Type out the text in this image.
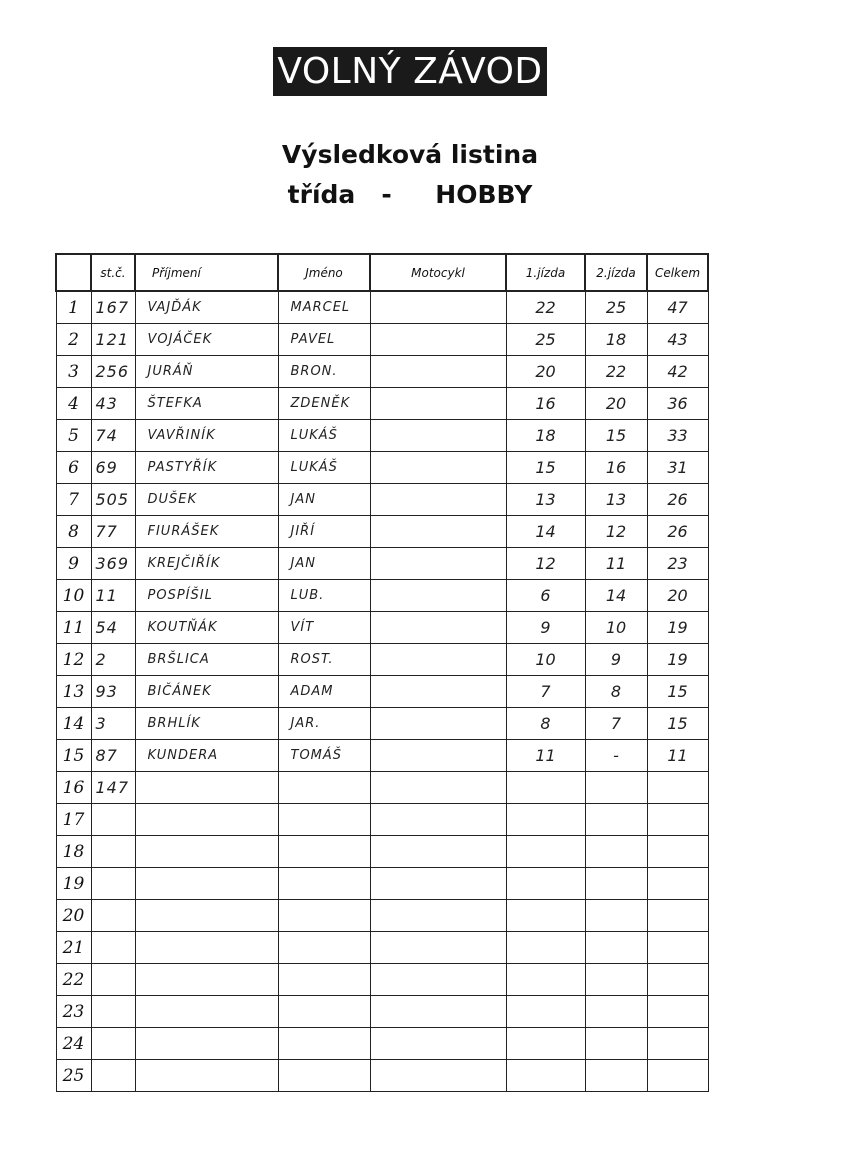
VOLNÝ ZÁVOD
Výsledková listina
třída   -     HOBBY
	st.č.	Příjmení	Jméno	Motocykl	1.jízda	2.jízda	Celkem
1	167	VAJĎÁK	MARCEL		22	25	47
2	121	VOJÁČEK	PAVEL		25	18	43
3	256	JURÁŇ	BRON.		20	22	42
4	43	ŠTEFKA	ZDENĚK		16	20	36
5	74	VAVŘINÍK	LUKÁŠ		18	15	33
6	69	PASTYŘÍK	LUKÁŠ		15	16	31
7	505	DUŠEK	JAN		13	13	26
8	77	FIURÁŠEK	JIŘÍ		14	12	26
9	369	KREJČIŘÍK	JAN		12	11	23
10	11	POSPÍŠIL	LUB.		6	14	20
11	54	KOUTŇÁK	VÍT		9	10	19
12	2	BRŠLICA	ROST.		10	9	19
13	93	BIČÁNEK	ADAM		7	8	15
14	3	BRHLÍK	JAR.		8	7	15
15	87	KUNDERA	TOMÁŠ		11	-	11
16	147						
17							
18							
19							
20							
21							
22							
23							
24							
25							
